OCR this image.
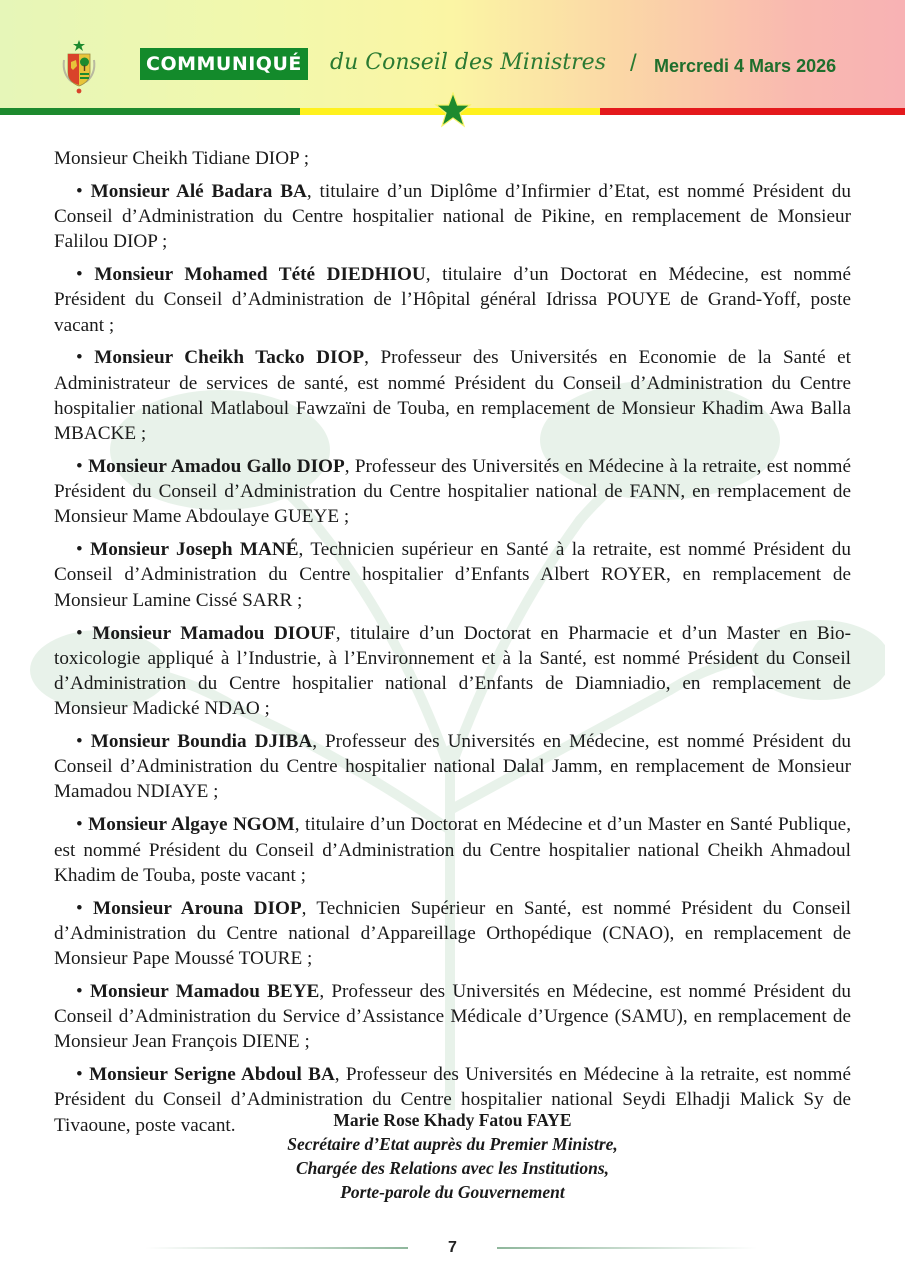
COMMUNIQUÉ du Conseil des Ministres / Mercredi 4 Mars 2026

Monsieur Cheikh Tidiane DIOP ;

• Monsieur Alé Badara BA, titulaire d’un Diplôme d’Infirmier d’Etat, est nommé Président du Conseil d’Administration du Centre hospitalier national de Pikine, en remplacement de Monsieur Falilou DIOP ;

• Monsieur Mohamed Tété DIEDHIOU, titulaire d’un Doctorat en Médecine, est nommé Président du Conseil d’Administration de l’Hôpital général Idrissa POUYE de Grand-Yoff, poste vacant ;

• Monsieur Cheikh Tacko DIOP, Professeur des Universités en Economie de la Santé et Administrateur de services de santé, est nommé Président du Conseil d’Administration du Centre hospitalier national Matlaboul Fawzaïni de Touba, en remplacement de Monsieur Khadim Awa Balla MBACKE ;

• Monsieur Amadou Gallo DIOP, Professeur des Universités en Médecine à la retraite, est nommé Président du Conseil d’Administration du Centre hospitalier national de FANN, en remplacement de Monsieur Mame Abdoulaye GUEYE ;

• Monsieur Joseph MANÉ, Technicien supérieur en Santé à la retraite, est nommé Président du Conseil d’Administration du Centre hospitalier d’Enfants Albert ROYER, en remplacement de Monsieur Lamine Cissé SARR ;

• Monsieur Mamadou DIOUF, titulaire d’un Doctorat en Pharmacie et d’un Master en Bio-toxicologie appliqué à l’Industrie, à l’Environnement et à la Santé, est nommé Président du Conseil d’Administration du Centre hospitalier national d’Enfants de Diamniadio, en remplacement de Monsieur Madické NDAO ;

• Monsieur Boundia DJIBA, Professeur des Universités en Médecine, est nommé Président du Conseil d’Administration du Centre hospitalier national Dalal Jamm, en remplacement de Monsieur Mamadou NDIAYE ;

• Monsieur Algaye NGOM, titulaire d’un Doctorat en Médecine et d’un Master en Santé Publique, est nommé Président du Conseil d’Administration du Centre hospitalier national Cheikh Ahmadoul Khadim de Touba, poste vacant ;

• Monsieur Arouna DIOP, Technicien Supérieur en Santé, est nommé Président du Conseil d’Administration du Centre national d’Appareillage Orthopédique (CNAO), en remplacement de Monsieur Pape Moussé TOURE ;

• Monsieur Mamadou BEYE, Professeur des Universités en Médecine, est nommé Président du Conseil d’Administration du Service d’Assistance Médicale d’Urgence (SAMU), en remplacement de Monsieur Jean François DIENE ;

• Monsieur Serigne Abdoul BA, Professeur des Universités en Médecine à la retraite, est nommé Président du Conseil d’Administration du Centre hospitalier national Seydi Elhadji Malick Sy de Tivaoune, poste vacant.	Marie Rose Khady Fatou FAYE
Secrétaire d’Etat auprès du Premier Ministre,
Chargée des Relations avec les Institutions,
Porte-parole du Gouvernement
7
